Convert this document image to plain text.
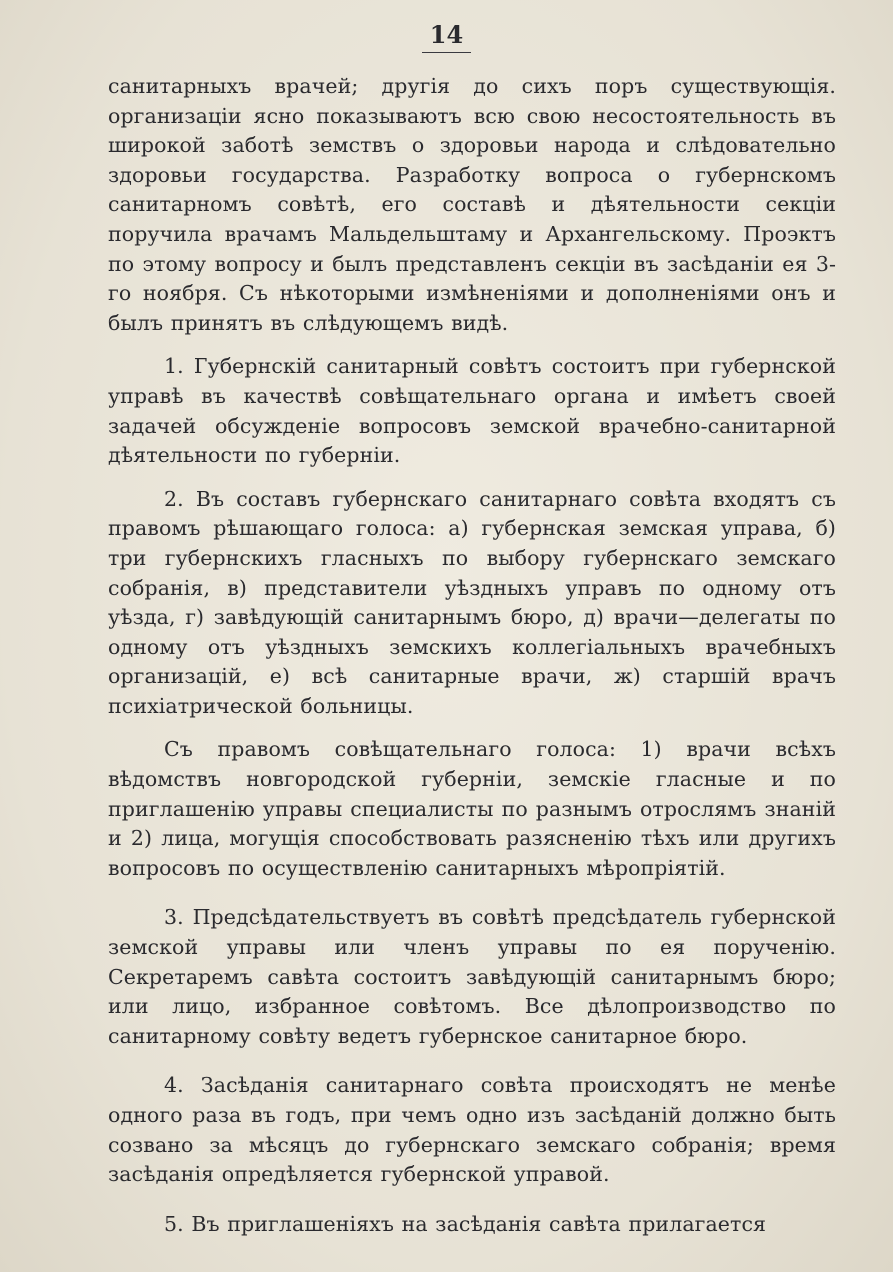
14

санитарныхъ врачей; другія до сихъ поръ существующія. организаціи ясно показываютъ всю свою несостоятельность въ широкой заботѣ земствъ о здоровьи народа и слѣдовательно здоровьи государства. Разработку вопроса о губернскомъ санитарномъ совѣтѣ, его составѣ и дѣятельности секціи поручила врачамъ Мальдельштаму и Архангельскому. Проэктъ по этому вопросу и былъ представленъ секціи въ засѣданіи ея 3-го ноября. Съ нѣкоторыми измѣненіями и дополненіями онъ и былъ принятъ въ слѣдующемъ видѣ.

1. Губернскій санитарный совѣтъ состоитъ при губернской управѣ въ качествѣ совѣщательнаго органа и имѣетъ своей задачей обсужденіе вопросовъ земской врачебно-санитарной дѣятельности по губерніи.

2. Въ составъ губернскаго санитарнаго совѣта входятъ съ правомъ рѣшающаго голоса: а) губернская земская управа, б) три губернскихъ гласныхъ по выбору губернскаго земскаго собранія, в) представители уѣздныхъ управъ по одному отъ уѣзда, г) завѣдующій санитарнымъ бюро, д) врачи—делегаты по одному отъ уѣздныхъ земскихъ коллегіальныхъ врачебныхъ организацій, е) всѣ санитарные врачи, ж) старшій врачъ психіатрической больницы.

Съ правомъ совѣщательнаго голоса: 1) врачи всѣхъ вѣдомствъ новгородской губерніи, земскіе гласные и по приглашенію управы специалисты по разнымъ отрослямъ знаній и 2) лица, могущія способствовать разясненію тѣхъ или другихъ вопросовъ по осуществленію санитарныхъ мѣропріятій.

3. Предсѣдательствуетъ въ совѣтѣ предсѣдатель губернской земской управы или членъ управы по ея порученію. Секретаремъ савѣта состоитъ завѣдующій санитарнымъ бюро; или лицо, избранное совѣтомъ. Все дѣлопроизводство по санитарному совѣту ведетъ губернское санитарное бюро.

4. Засѣданія санитарнаго совѣта происходятъ не менѣе одного раза въ годъ, при чемъ одно изъ засѣданій должно быть созвано за мѣсяцъ до губернскаго земскаго собранія; время засѣданія опредѣляется губернской управой.

5. Въ приглашеніяхъ на засѣданія савѣта прилагается
